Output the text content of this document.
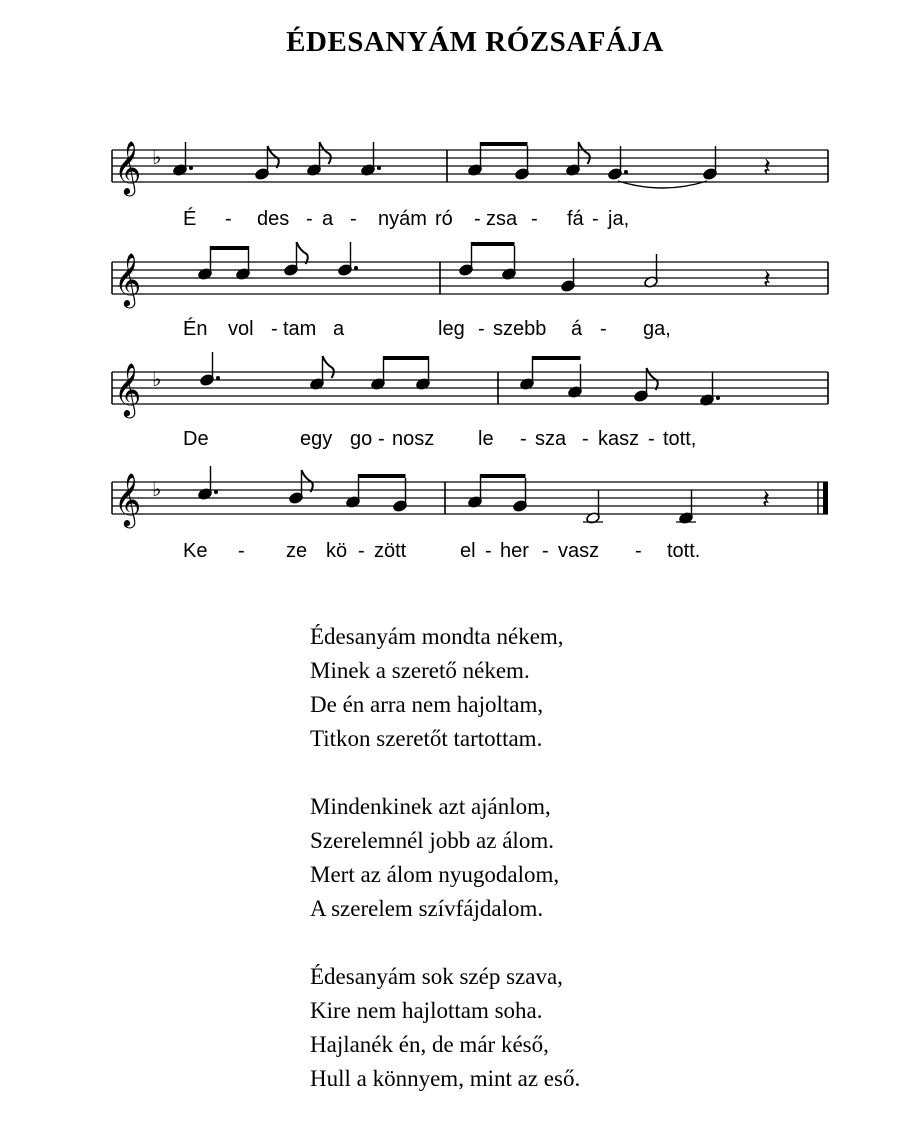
ÉDESANYÁM RÓZSAFÁJA
𝄞 ♭	𝄽
𝄞	𝄽
𝄞 ♭
𝄞 ♭	𝄽
É - des - a - nyám ró - zsa - fá - ja,
Én vol - tam a	leg - szebb á - ga,
De	egy go - nosz le - sza - kasz - tott,
Ke - ze kö - zött	el - her - vasz - tott.
Édesanyám mondta nékem,
Minek a szerető nékem.
De én arra nem hajoltam,
Titkon szeretőt tartottam.
Mindenkinek azt ajánlom,
Szerelemnél jobb az álom.
Mert az álom nyugodalom,
A szerelem szívfájdalom.
Édesanyám sok szép szava,
Kire nem hajlottam soha.
Hajlanék én, de már késő,
Hull a könnyem, mint az eső.
